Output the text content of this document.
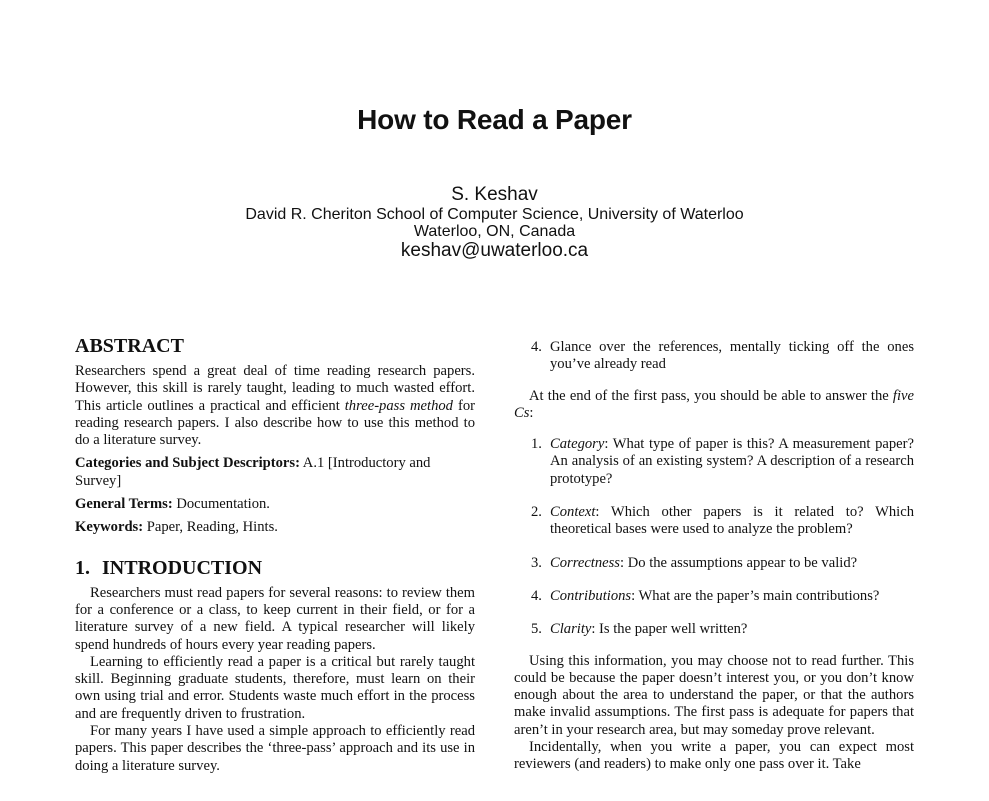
How to Read a Paper
S. Keshav
David R. Cheriton School of Computer Science, University of Waterloo
Waterloo, ON, Canada
keshav@uwaterloo.ca
ABSTRACT

Researchers spend a great deal of time reading research papers. However, this skill is rarely taught, leading to much wasted effort. This article outlines a practical and efficient three-pass method for reading research papers. I also describe how to use this method to do a literature survey.

Categories and Subject Descriptors: A.1 [Introductory and Survey]

General Terms: Documentation.

Keywords: Paper, Reading, Hints.

1. INTRODUCTION

Researchers must read papers for several reasons: to review them for a conference or a class, to keep current in their field, or for a literature survey of a new field. A typical researcher will likely spend hundreds of hours every year reading papers.

Learning to efficiently read a paper is a critical but rarely taught skill. Beginning graduate students, therefore, must learn on their own using trial and error. Students waste much effort in the process and are frequently driven to frustration.

For many years I have used a simple approach to efficiently read papers. This paper describes the ‘three-pass’ approach and its use in doing a literature survey.

4. Glance over the references, mentally ticking off the ones you’ve already read

At the end of the first pass, you should be able to answer the five Cs:

1. Category: What type of paper is this? A measurement paper? An analysis of an existing system? A description of a research prototype?
2. Context: Which other papers is it related to? Which theoretical bases were used to analyze the problem?
3. Correctness: Do the assumptions appear to be valid?
4. Contributions: What are the paper’s main contributions?
5. Clarity: Is the paper well written?

Using this information, you may choose not to read further. This could be because the paper doesn’t interest you, or you don’t know enough about the area to understand the paper, or that the authors make invalid assumptions. The first pass is adequate for papers that aren’t in your research area, but may someday prove relevant.

Incidentally, when you write a paper, you can expect most reviewers (and readers) to make only one pass over it. Take
